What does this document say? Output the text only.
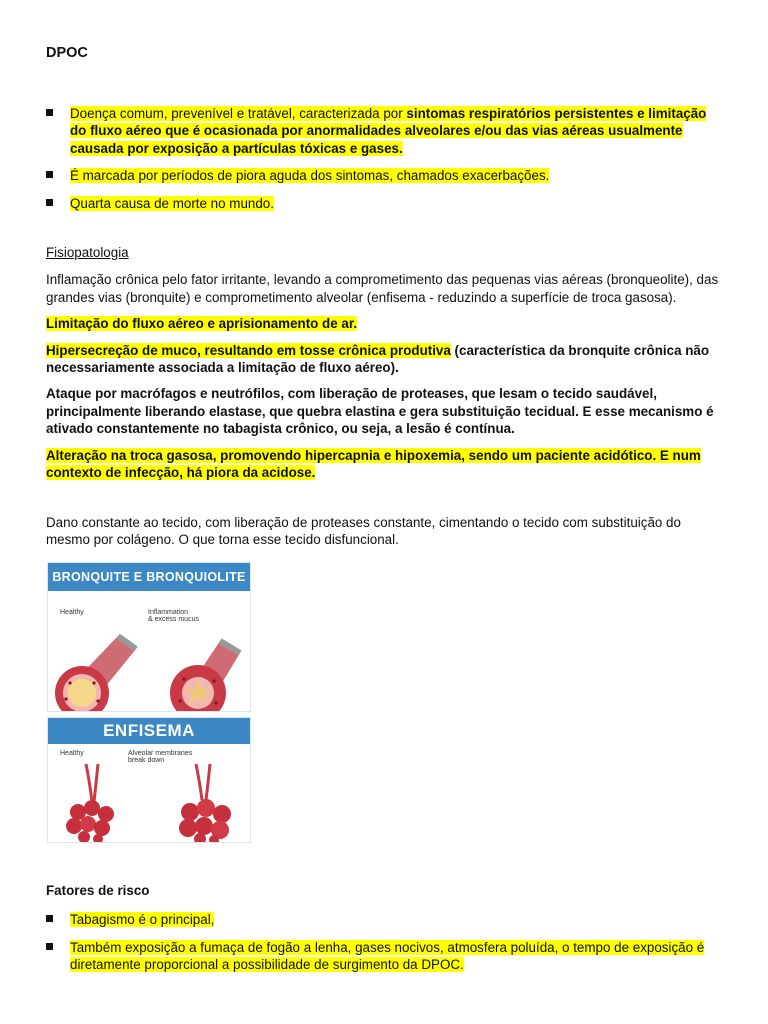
DPOC
Doença comum, prevenível e tratável, caracterizada por sintomas respiratórios persistentes e limitação do fluxo aéreo que é ocasionada por anormalidades alveolares e/ou das vias aéreas usualmente causada por exposição a partículas tóxicas e gases.
É marcada por períodos de piora aguda dos sintomas, chamados exacerbações.
Quarta causa de morte no mundo.

Fisiopatologia

Inflamação crônica pelo fator irritante, levando a comprometimento das pequenas vias aéreas (bronqueolite), das grandes vias (bronquite) e comprometimento alveolar (enfisema - reduzindo a superfície de troca gasosa).

Limitação do fluxo aéreo e aprisionamento de ar.

Hipersecreção de muco, resultando em tosse crônica produtiva (característica da bronquite crônica não necessariamente associada a limitação de fluxo aéreo).

Ataque por macrófagos e neutrófilos, com liberação de proteases, que lesam o tecido saudável, principalmente liberando elastase, que quebra elastina e gera substituição tecidual. E esse mecanismo é ativado constantemente no tabagista crônico, ou seja, a lesão é contínua.

Alteração na troca gasosa, promovendo hipercapnia e hipoxemia, sendo um paciente acidótico. E num contexto de infecção, há piora da acidose.

Dano constante ao tecido, com liberação de proteases constante, cimentando o tecido com substituição do mesmo por colágeno. O que torna esse tecido disfuncional.

BRONQUITE E BRONQUIOLITE
Healthy	Inflammation
& excess mucus
ENFISEMA
Healthy	Alveolar membranes
break down

Fatores de risco

Tabagismo é o principal,
Também exposição a fumaça de fogão a lenha, gases nocivos, atmosfera poluída, o tempo de exposição é diretamente proporcional a possibilidade de surgimento da DPOC.
